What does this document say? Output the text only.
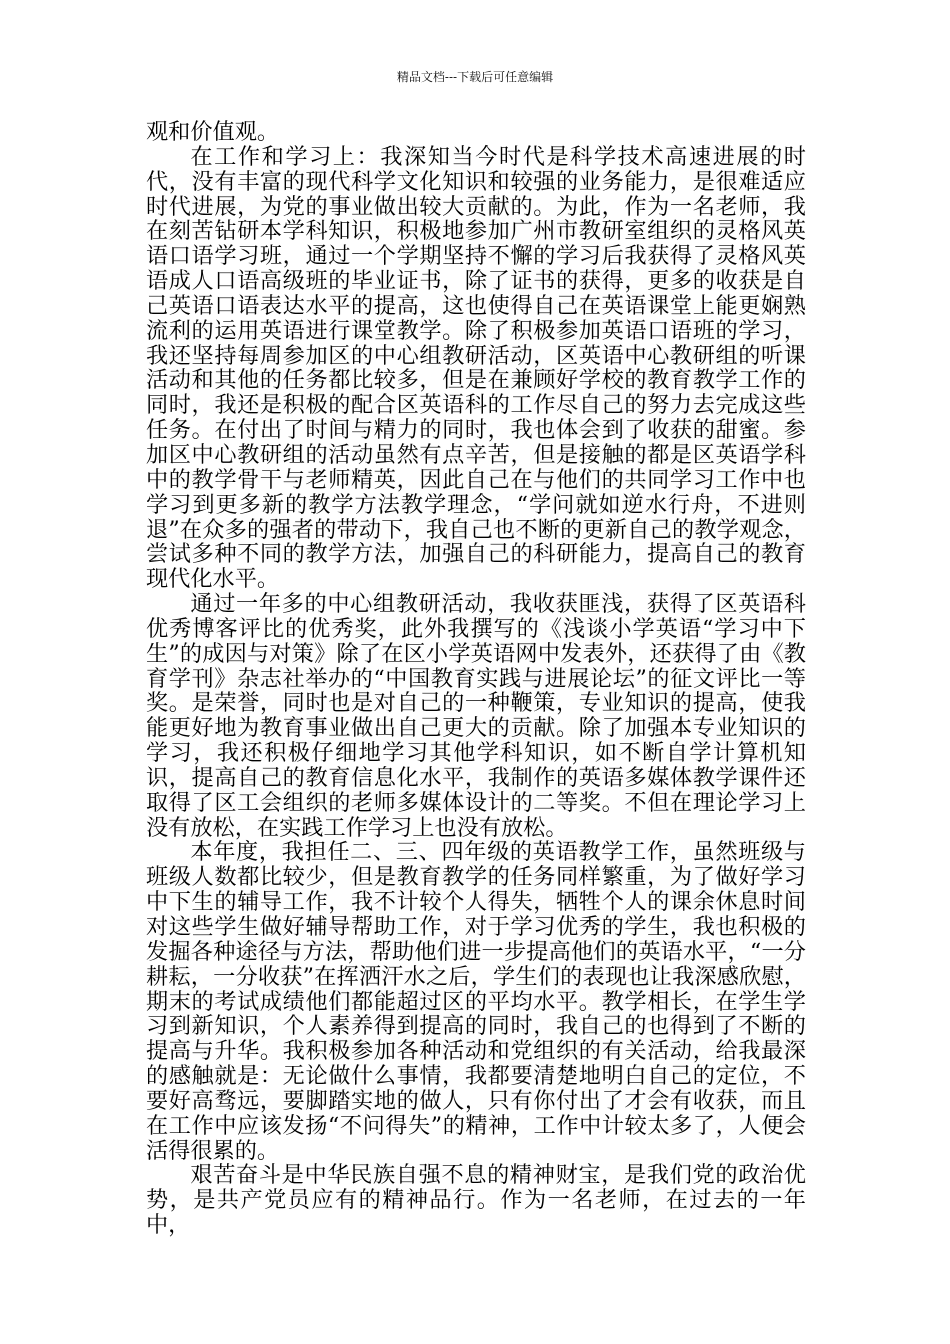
精品文档---下载后可任意编辑

观和价值观。

在工作和学习上：我深知当今时代是科学技术高速进展的时代，没有丰富的现代科学文化知识和较强的业务能力，是很难适应时代进展，为党的事业做出较大贡献的。为此，作为一名老师，我在刻苦钻研本学科知识，积极地参加广州市教研室组织的灵格风英语口语学习班，通过一个学期坚持不懈的学习后我获得了灵格风英语成人口语高级班的毕业证书，除了证书的获得，更多的收获是自己英语口语表达水平的提高，这也使得自己在英语课堂上能更娴熟流利的运用英语进行课堂教学。除了积极参加英语口语班的学习，我还坚持每周参加区的中心组教研活动，区英语中心教研组的听课活动和其他的任务都比较多，但是在兼顾好学校的教育教学工作的同时，我还是积极的配合区英语科的工作尽自己的努力去完成这些任务。在付出了时间与精力的同时，我也体会到了收获的甜蜜。参加区中心教研组的活动虽然有点辛苦，但是接触的都是区英语学科中的教学骨干与老师精英，因此自己在与他们的共同学习工作中也学习到更多新的教学方法教学理念，“学问就如逆水行舟，不进则退”在众多的强者的带动下，我自己也不断的更新自己的教学观念，尝试多种不同的教学方法，加强自己的科研能力，提高自己的教育现代化水平。

通过一年多的中心组教研活动，我收获匪浅，获得了区英语科优秀博客评比的优秀奖，此外我撰写的《浅谈小学英语“学习中下生”的成因与对策》除了在区小学英语网中发表外，还获得了由《教育学刊》杂志社举办的“中国教育实践与进展论坛”的征文评比一等奖。是荣誉，同时也是对自己的一种鞭策，专业知识的提高，使我能更好地为教育事业做出自己更大的贡献。除了加强本专业知识的学习，我还积极仔细地学习其他学科知识，如不断自学计算机知识，提高自己的教育信息化水平，我制作的英语多媒体教学课件还取得了区工会组织的老师多媒体设计的二等奖。不但在理论学习上没有放松，在实践工作学习上也没有放松。

本年度，我担任二、三、四年级的英语教学工作，虽然班级与班级人数都比较少，但是教育教学的任务同样繁重，为了做好学习中下生的辅导工作，我不计较个人得失，牺牲个人的课余休息时间对这些学生做好辅导帮助工作，对于学习优秀的学生，我也积极的发掘各种途径与方法，帮助他们进一步提高他们的英语水平，“一分耕耘，一分收获”在挥洒汗水之后，学生们的表现也让我深感欣慰，期末的考试成绩他们都能超过区的平均水平。教学相长，在学生学习到新知识，个人素养得到提高的同时，我自己的也得到了不断的提高与升华。我积极参加各种活动和党组织的有关活动，给我最深的感触就是：无论做什么事情，我都要清楚地明白自己的定位，不要好高骛远，要脚踏实地的做人，只有你付出了才会有收获，而且在工作中应该发扬“不问得失”的精神，工作中计较太多了，人便会活得很累的。

艰苦奋斗是中华民族自强不息的精神财宝，是我们党的政治优势，是共产党员应有的精神品行。作为一名老师，在过去的一年中，
